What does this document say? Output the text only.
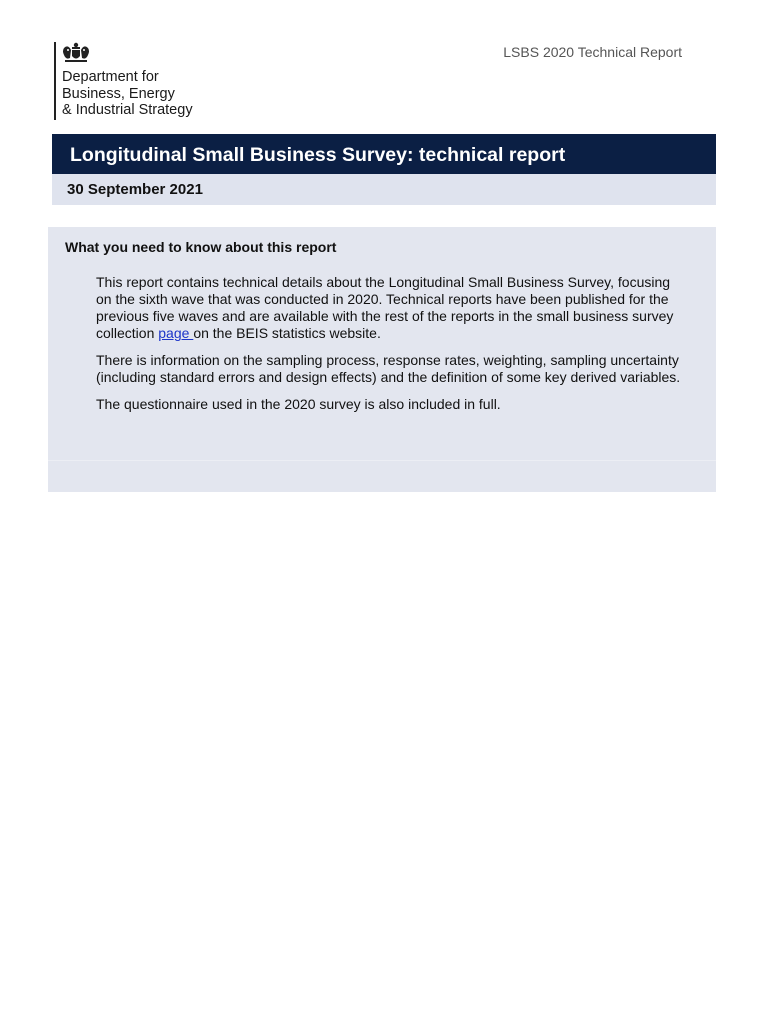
Department for
Business, Energy
& Industrial Strategy
LSBS 2020 Technical Report
Longitudinal Small Business Survey: technical report
30 September 2021
What you need to know about this report

This report contains technical details about the Longitudinal Small Business Survey, focusing on the sixth wave that was conducted in 2020. Technical reports have been published for the previous five waves and are available with the rest of the reports in the small business survey collection page on the BEIS statistics website.

There is information on the sampling process, response rates, weighting, sampling uncertainty (including standard errors and design effects) and the definition of some key derived variables.

The questionnaire used in the 2020 survey is also included in full.
